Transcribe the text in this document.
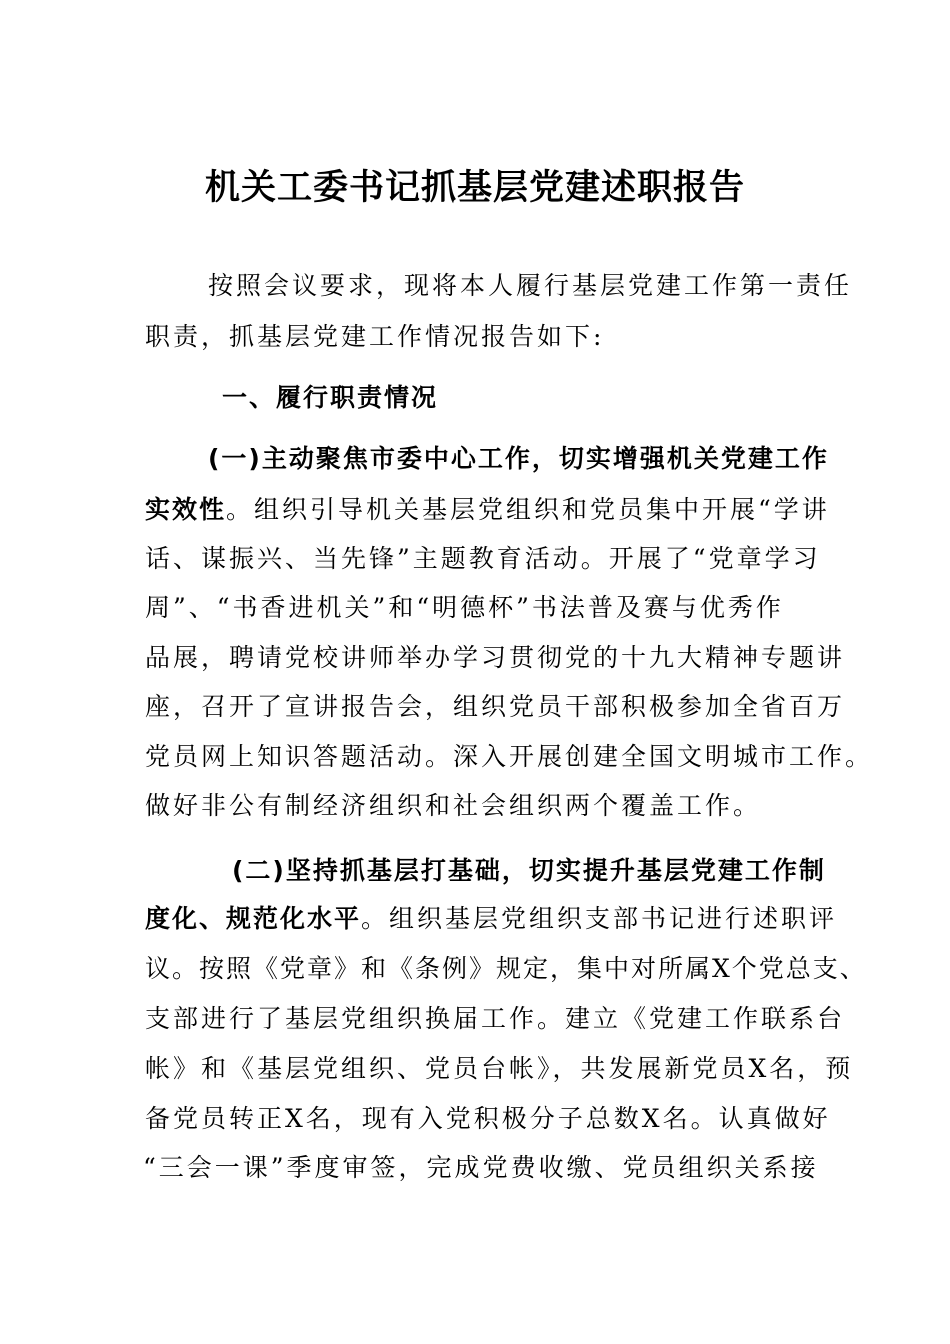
机关工委书记抓基层党建述职报告
按照会议要求，现将本人履行基层党建工作第一责任
职责，抓基层党建工作情况报告如下:
一、履行职责情况
(一)主动聚焦市委中心工作，切实增强机关党建工作
实效性。组织引导机关基层党组织和党员集中开展“学讲
话、谋振兴、当先锋”主题教育活动。开展了“党章学习
周”、“书香进机关”和“明德杯”书法普及赛与优秀作
品展，聘请党校讲师举办学习贯彻党的十九大精神专题讲
座，召开了宣讲报告会，组织党员干部积极参加全省百万
党员网上知识答题活动。深入开展创建全国文明城市工作。
做好非公有制经济组织和社会组织两个覆盖工作。
(二)坚持抓基层打基础，切实提升基层党建工作制
度化、规范化水平。组织基层党组织支部书记进行述职评
议。按照《党章》和《条例》规定，集中对所属X个党总支、
支部进行了基层党组织换届工作。建立《党建工作联系台
帐》和《基层党组织、党员台帐》，共发展新党员X名，预
备党员转正X名，现有入党积极分子总数X名。认真做好
“三会一课”季度审签，完成党费收缴、党员组织关系接
